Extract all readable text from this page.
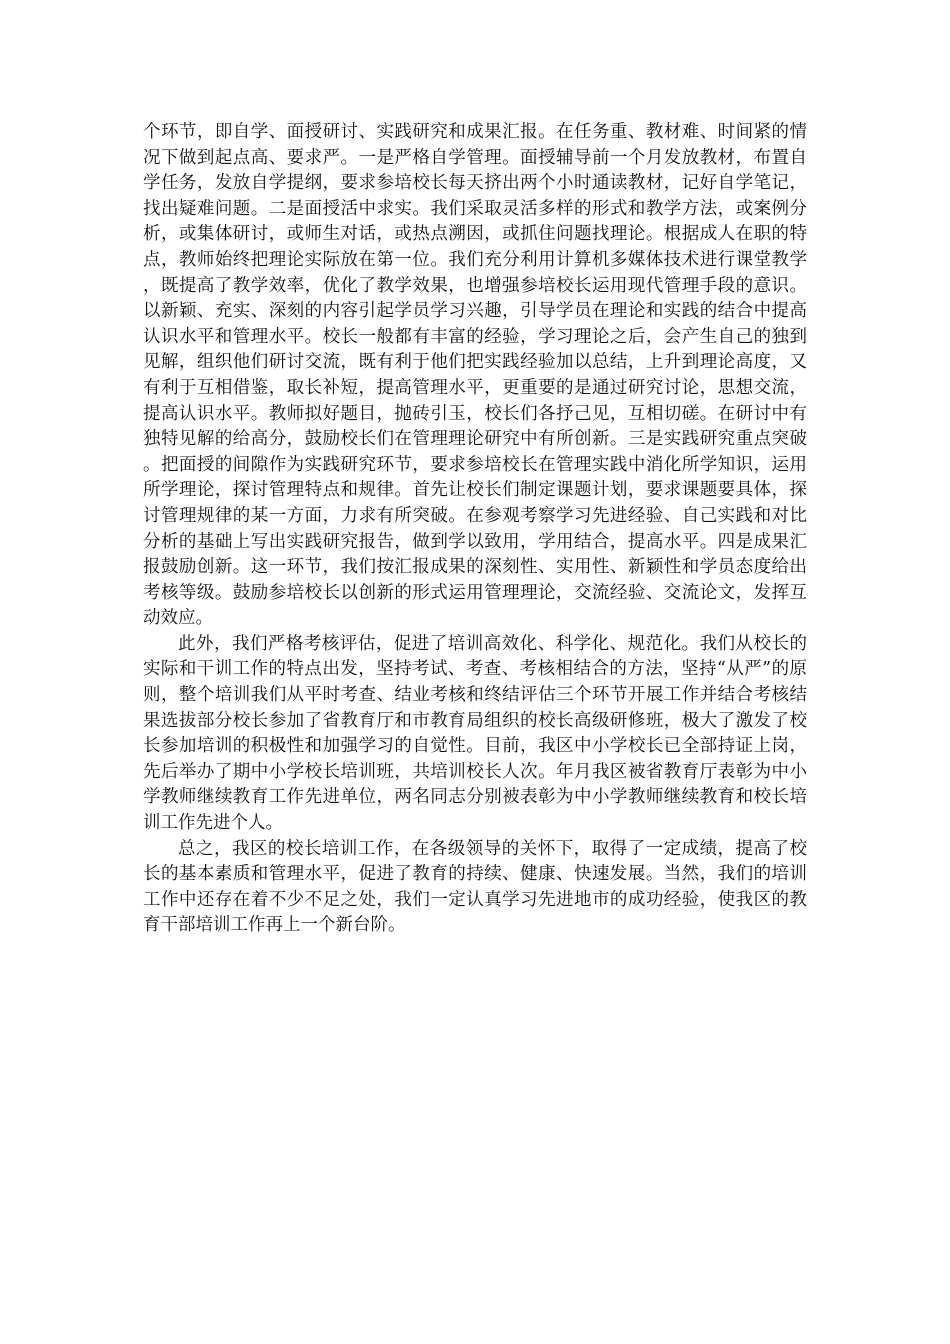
个环节，即自学、面授研讨、实践研究和成果汇报。在任务重、教材难、时间紧的情况下做到起点高、要求严。一是严格自学管理。面授辅导前一个月发放教材，布置自学任务，发放自学提纲，要求参培校长每天挤出两个小时通读教材，记好自学笔记，找出疑难问题。二是面授活中求实。我们采取灵活多样的形式和教学方法，或案例分析，或集体研讨，或师生对话，或热点溯因，或抓住问题找理论。根据成人在职的特点，教师始终把理论实际放在第一位。我们充分利用计算机多媒体技术进行课堂教学，既提高了教学效率，优化了教学效果，也增强参培校长运用现代管理手段的意识。以新颖、充实、深刻的内容引起学员学习兴趣，引导学员在理论和实践的结合中提高认识水平和管理水平。校长一般都有丰富的经验，学习理论之后，会产生自己的独到见解，组织他们研讨交流，既有利于他们把实践经验加以总结，上升到理论高度，又有利于互相借鉴，取长补短，提高管理水平，更重要的是通过研究讨论，思想交流，提高认识水平。教师拟好题目，抛砖引玉，校长们各抒己见，互相切磋。在研讨中有独特见解的给高分，鼓励校长们在管理理论研究中有所创新。三是实践研究重点突破。把面授的间隙作为实践研究环节，要求参培校长在管理实践中消化所学知识，运用所学理论，探讨管理特点和规律。首先让校长们制定课题计划，要求课题要具体，探讨管理规律的某一方面，力求有所突破。在参观考察学习先进经验、自己实践和对比分析的基础上写出实践研究报告，做到学以致用，学用结合，提高水平。四是成果汇报鼓励创新。这一环节，我们按汇报成果的深刻性、实用性、新颖性和学员态度给出考核等级。鼓励参培校长以创新的形式运用管理理论，交流经验、交流论文，发挥互动效应。

此外，我们严格考核评估，促进了培训高效化、科学化、规范化。我们从校长的实际和干训工作的特点出发，坚持考试、考查、考核相结合的方法，坚持“从严”的原则，整个培训我们从平时考查、结业考核和终结评估三个环节开展工作并结合考核结果选拔部分校长参加了省教育厅和市教育局组织的校长高级研修班，极大了激发了校长参加培训的积极性和加强学习的自觉性。目前，我区中小学校长已全部持证上岗，先后举办了期中小学校长培训班，共培训校长人次。年月我区被省教育厅表彰为中小学教师继续教育工作先进单位，两名同志分别被表彰为中小学教师继续教育和校长培训工作先进个人。

总之，我区的校长培训工作，在各级领导的关怀下，取得了一定成绩，提高了校长的基本素质和管理水平，促进了教育的持续、健康、快速发展。当然，我们的培训工作中还存在着不少不足之处，我们一定认真学习先进地市的成功经验，使我区的教育干部培训工作再上一个新台阶。
